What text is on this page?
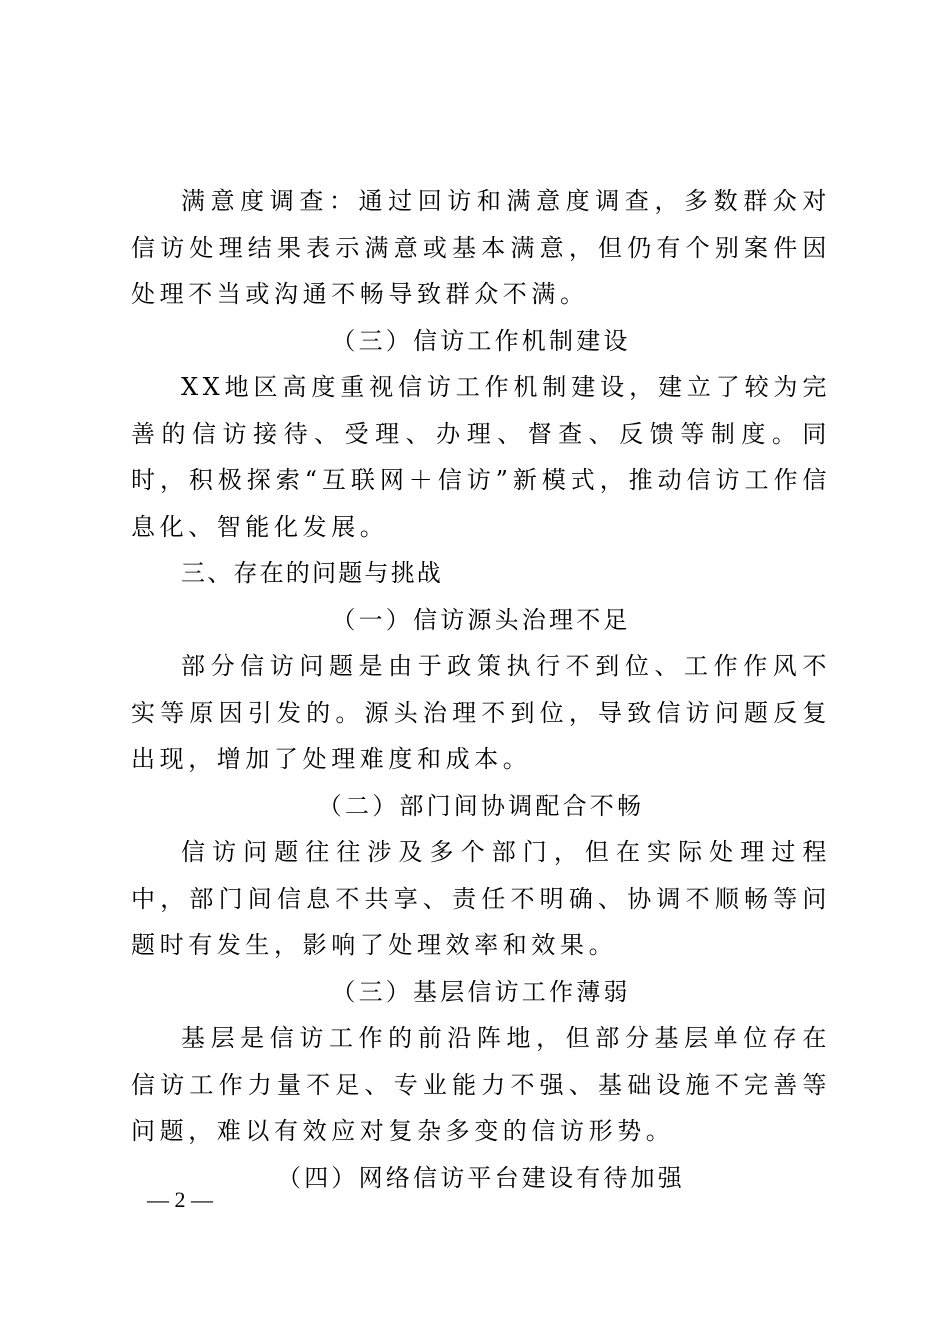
满意度调查：通过回访和满意度调查，多数群众对信访处理结果表示满意或基本满意，但仍有个别案件因处理不当或沟通不畅导致群众不满。

（三）信访工作机制建设

XX地区高度重视信访工作机制建设，建立了较为完善的信访接待、受理、办理、督查、反馈等制度。同时，积极探索“互联网＋信访”新模式，推动信访工作信息化、智能化发展。

三、存在的问题与挑战

（一）信访源头治理不足

部分信访问题是由于政策执行不到位、工作作风不实等原因引发的。源头治理不到位，导致信访问题反复出现，增加了处理难度和成本。

（二）部门间协调配合不畅

信访问题往往涉及多个部门，但在实际处理过程中，部门间信息不共享、责任不明确、协调不顺畅等问题时有发生，影响了处理效率和效果。

（三）基层信访工作薄弱

基层是信访工作的前沿阵地，但部分基层单位存在信访工作力量不足、专业能力不强、基础设施不完善等问题，难以有效应对复杂多变的信访形势。

（四）网络信访平台建设有待加强

— 2 —
